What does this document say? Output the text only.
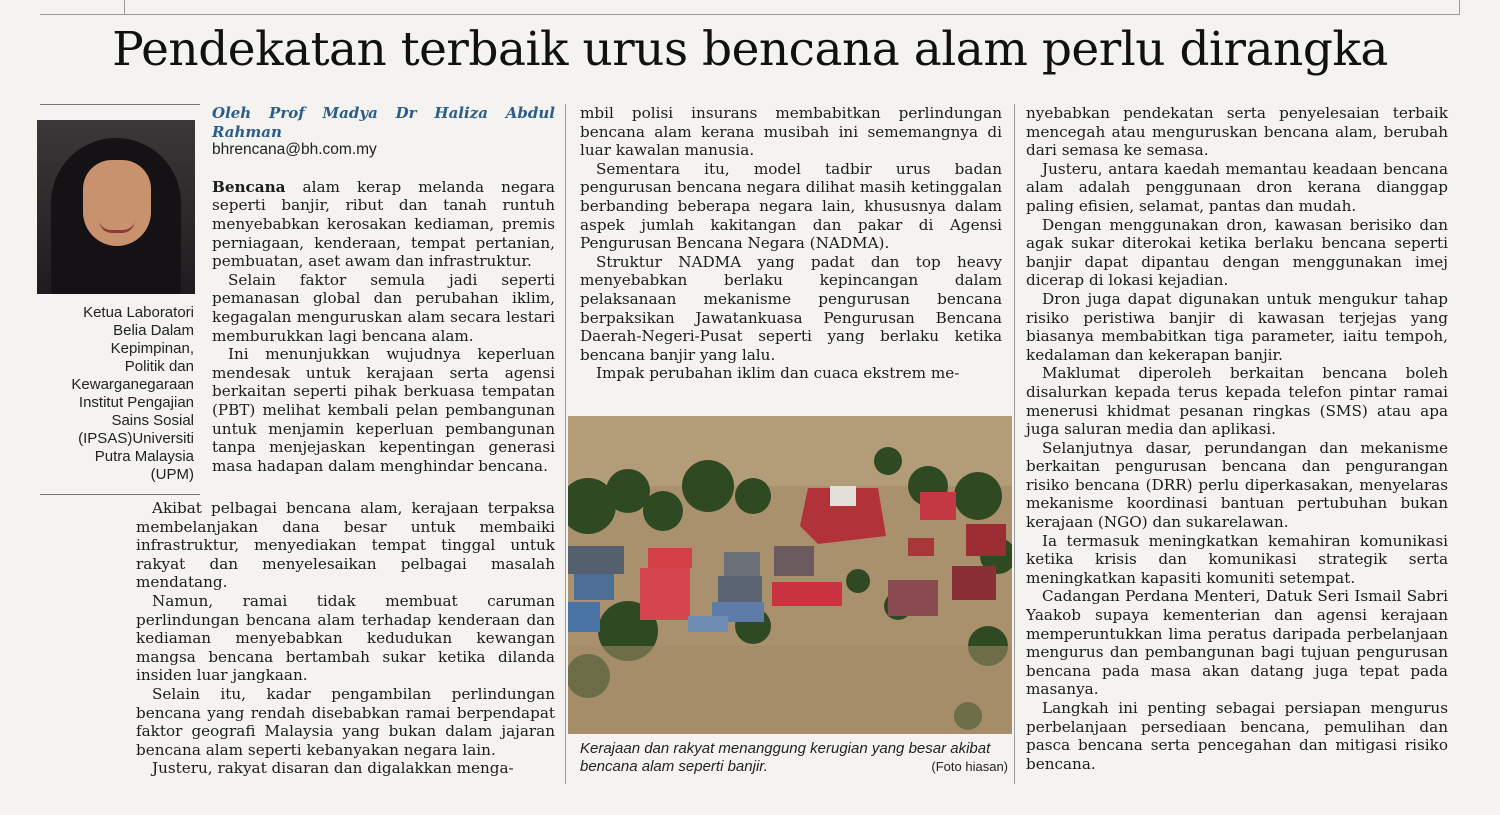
Pendekatan terbaik urus bencana alam perlu dirangka
Ketua Laboratori
Belia Dalam
Kepimpinan,
Politik dan
Kewarganegaraan
Institut Pengajian
Sains Sosial
(IPSAS)Universiti
Putra Malaysia
(UPM)
Oleh Prof Madya Dr Haliza Abdul Rahman
bhrencana@bh.com.my

Bencana alam kerap melanda negara seperti banjir, ribut dan tanah runtuh menyebabkan kerosakan kediaman, premis perniagaan, kenderaan, tempat pertanian, pembuatan, aset awam dan infrastruktur.

Selain faktor semula jadi seperti pemanasan global dan perubahan iklim, kegagalan menguruskan alam secara lestari memburukkan lagi bencana alam.

Ini menunjukkan wujudnya keperluan mendesak untuk kerajaan serta agensi berkaitan seperti pihak berkuasa tempatan (PBT) melihat kembali pelan pembangunan untuk menjamin keperluan pembangunan tanpa menjejaskan kepentingan generasi masa hadapan dalam menghindar bencana.

Akibat pelbagai bencana alam, kerajaan terpaksa membelanjakan dana besar untuk membaiki infrastruktur, menyediakan tempat tinggal untuk rakyat dan menyelesaikan pelbagai masalah mendatang.

Namun, ramai tidak membuat caruman perlindungan bencana alam terhadap kenderaan dan kediaman menyebabkan kedudukan kewangan mangsa bencana bertambah sukar ketika dilanda insiden luar jangkaan.

Selain itu, kadar pengambilan perlindungan bencana yang rendah disebabkan ramai berpendapat faktor geografi Malaysia yang bukan dalam jajaran bencana alam seperti kebanyakan negara lain.

Justeru, rakyat disaran dan digalakkan menga-

mbil polisi insurans membabitkan perlindungan bencana alam kerana musibah ini sememangnya di luar kawalan manusia.

Sementara itu, model tadbir urus badan pengurusan bencana negara dilihat masih ketinggalan berbanding beberapa negara lain, khususnya dalam aspek jumlah kakitangan dan pakar di Agensi Pengurusan Bencana Negara (NADMA).

Struktur NADMA yang padat dan top heavy menyebabkan berlaku kepincangan dalam pelaksanaan mekanisme pengurusan bencana berpaksikan Jawatankuasa Pengurusan Bencana Daerah-Negeri-Pusat seperti yang berlaku ketika bencana banjir yang lalu.

Impak perubahan iklim dan cuaca ekstrem me-

Kerajaan dan rakyat menanggung kerugian yang besar akibat bencana alam seperti banjir.	(Foto hiasan)

nyebabkan pendekatan serta penyelesaian terbaik mencegah atau menguruskan bencana alam, berubah dari semasa ke semasa.

Justeru, antara kaedah memantau keadaan bencana alam adalah penggunaan dron kerana dianggap paling efisien, selamat, pantas dan mudah.

Dengan menggunakan dron, kawasan berisiko dan agak sukar diterokai ketika berlaku bencana seperti banjir dapat dipantau dengan menggunakan imej dicerap di lokasi kejadian.

Dron juga dapat digunakan untuk mengukur tahap risiko peristiwa banjir di kawasan terjejas yang biasanya membabitkan tiga parameter, iaitu tempoh, kedalaman dan kekerapan banjir.

Maklumat diperoleh berkaitan bencana boleh disalurkan kepada terus kepada telefon pintar ramai menerusi khidmat pesanan ringkas (SMS) atau apa juga saluran media dan aplikasi.

Selanjutnya dasar, perundangan dan mekanisme berkaitan pengurusan bencana dan pengurangan risiko bencana (DRR) perlu diperkasakan, menyelaras mekanisme koordinasi bantuan pertubuhan bukan kerajaan (NGO) dan sukarelawan.

Ia termasuk meningkatkan kemahiran komunikasi ketika krisis dan komunikasi strategik serta meningkatkan kapasiti komuniti setempat.

Cadangan Perdana Menteri, Datuk Seri Ismail Sabri Yaakob supaya kementerian dan agensi kerajaan memperuntukkan lima peratus daripada perbelanjaan mengurus dan pembangunan bagi tujuan pengurusan bencana pada masa akan datang juga tepat pada masanya.

Langkah ini penting sebagai persiapan mengurus perbelanjaan persediaan bencana, pemulihan dan pasca bencana serta pencegahan dan mitigasi risiko bencana.
